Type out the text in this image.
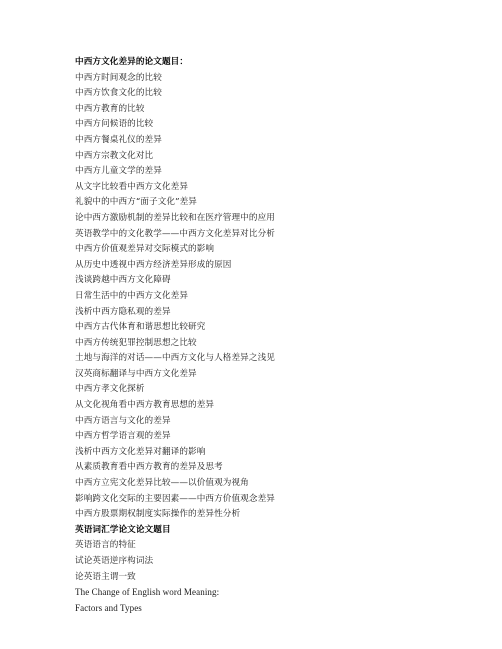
中西方文化差异的论文题目：
中西方时间观念的比较
中西方饮食文化的比较
中西方教育的比较
中西方问候语的比较
中西方餐桌礼仪的差异
中西方宗教文化对比
中西方儿童文学的差异
从文字比较看中西方文化差异
礼貌中的中西方“面子文化”差异
论中西方激励机制的差异比较和在医疗管理中的应用
英语教学中的文化教学——中西方文化差异对比分析
中西方价值观差异对交际模式的影响
从历史中透视中西方经济差异形成的原因
浅谈跨越中西方文化障碍
日常生活中的中西方文化差异
浅析中西方隐私观的差异
中西方古代体育和谐思想比较研究
中西方传统犯罪控制思想之比较
土地与海洋的对话——中西方文化与人格差异之浅见
汉英商标翻译与中西方文化差异
中西方孝文化探析
从文化视角看中西方教育思想的差异
中西方语言与文化的差异
中西方哲学语言观的差异
浅析中西方文化差异对翻译的影响
从素质教育看中西方教育的差异及思考
中西方立宪文化差异比较——以价值观为视角
影响跨文化交际的主要因素——中西方价值观念差异
中西方股票期权制度实际操作的差异性分析
英语词汇学论文论文题目
英语语言的特征
试论英语逆序构词法
论英语主谓一致
The Change of English word Meaning:
Factors and Types
